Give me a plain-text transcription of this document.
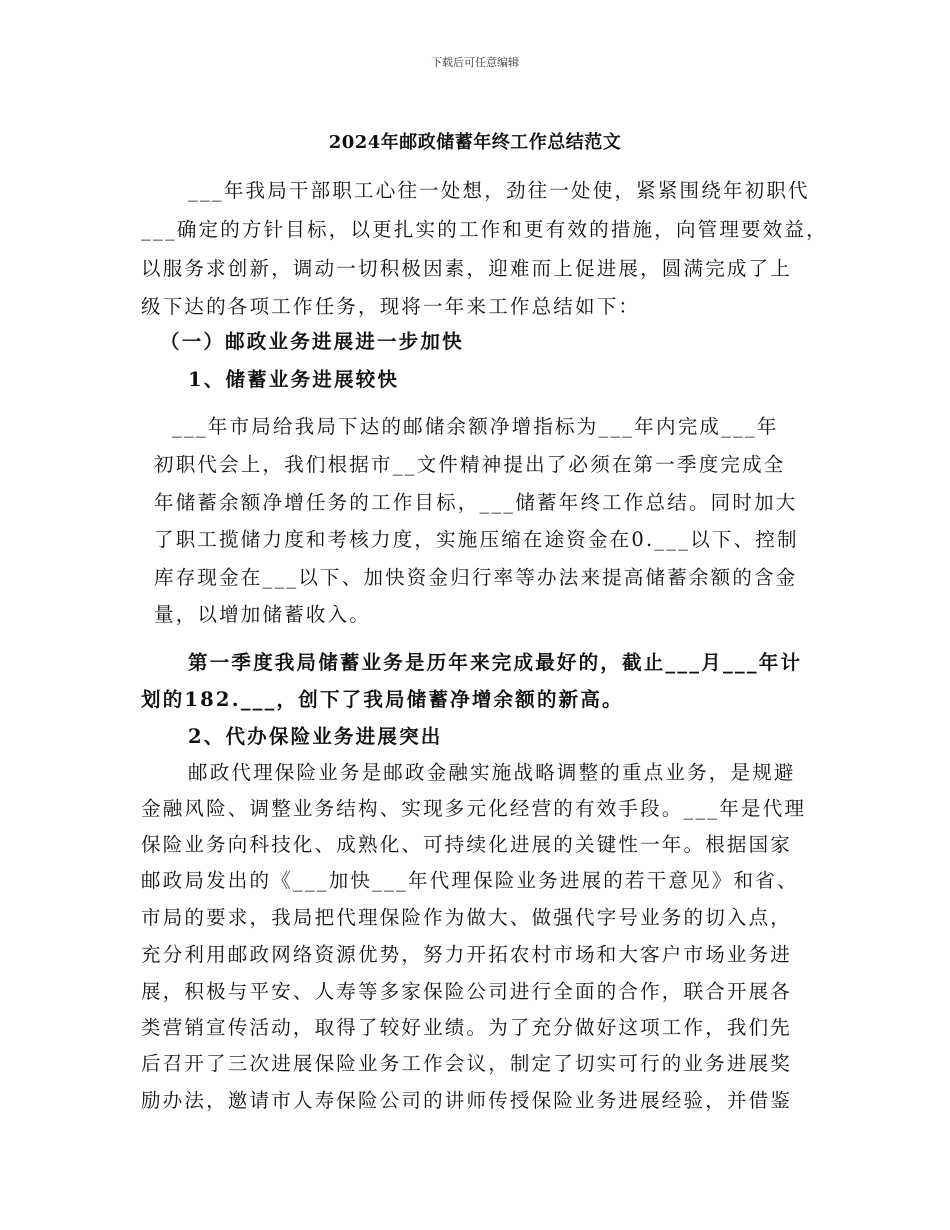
下载后可任意编辑
2024年邮政储蓄年终工作总结范文
___年我局干部职工心往一处想，劲往一处使，紧紧围绕年初职代
___确定的方针目标，以更扎实的工作和更有效的措施，向管理要效益，
以服务求创新，调动一切积极因素，迎难而上促进展，圆满完成了上
级下达的各项工作任务，现将一年来工作总结如下：
（一）邮政业务进展进一步加快
1、储蓄业务进展较快
___年市局给我局下达的邮储余额净增指标为___年内完成___年
初职代会上，我们根据市__文件精神提出了必须在第一季度完成全
年储蓄余额净增任务的工作目标，___储蓄年终工作总结。同时加大
了职工揽储力度和考核力度，实施压缩在途资金在0.___以下、控制
库存现金在___以下、加快资金归行率等办法来提高储蓄余额的含金
量，以增加储蓄收入。
第一季度我局储蓄业务是历年来完成最好的，截止___月___年计
划的182.___，创下了我局储蓄净增余额的新高。
2、代办保险业务进展突出
邮政代理保险业务是邮政金融实施战略调整的重点业务，是规避
金融风险、调整业务结构、实现多元化经营的有效手段。___年是代理
保险业务向科技化、成熟化、可持续化进展的关键性一年。根据国家
邮政局发出的《___加快___年代理保险业务进展的若干意见》和省、
市局的要求，我局把代理保险作为做大、做强代字号业务的切入点，
充分利用邮政网络资源优势，努力开拓农村市场和大客户市场业务进
展，积极与平安、人寿等多家保险公司进行全面的合作，联合开展各
类营销宣传活动，取得了较好业绩。为了充分做好这项工作，我们先
后召开了三次进展保险业务工作会议，制定了切实可行的业务进展奖
励办法，邀请市人寿保险公司的讲师传授保险业务进展经验，并借鉴
